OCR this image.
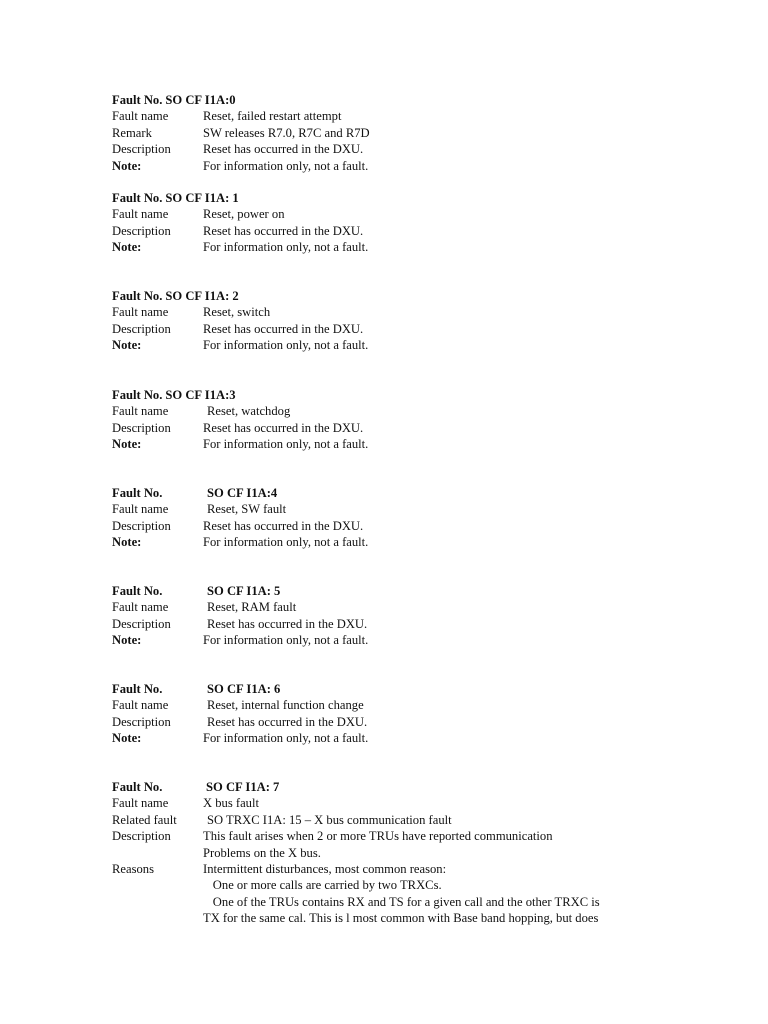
Fault No. SO CF I1A:0
Fault name	Reset, failed restart attempt
Remark	SW releases R7.0, R7C and R7D
Description	Reset has occurred in the DXU.
Note:	For information only, not a fault.
Fault No. SO CF I1A: 1
Fault name	Reset, power on
Description	Reset has occurred in the DXU.
Note:	For information only, not a fault.
Fault No. SO CF I1A: 2
Fault name	Reset, switch
Description	Reset has occurred in the DXU.
Note:	For information only, not a fault.
Fault No. SO CF I1A:3
Fault name	Reset, watchdog
Description	Reset has occurred in the DXU.
Note:	For information only, not a fault.
Fault No.	SO CF I1A:4
Fault name	Reset, SW fault
Description	Reset has occurred in the DXU.
Note:	For information only, not a fault.
Fault No.	SO CF I1A: 5
Fault name	Reset, RAM fault
Description	Reset has occurred in the DXU.
Note:	For information only, not a fault.
Fault No.	SO CF I1A: 6
Fault name	Reset, internal function change
Description	Reset has occurred in the DXU.
Note:	For information only, not a fault.
Fault No.	SO CF I1A: 7
Fault name	X bus fault
Related fault	SO TRXC I1A: 15 – X bus communication fault
Description	This fault arises when 2 or more TRUs have reported communication
Problems on the X bus.
Reasons	Intermittent disturbances, most common reason:
One or more calls are carried by two TRXCs.
One of the TRUs contains RX and TS for a given call and the other TRXC is
TX for the same cal. This is l most common with Base band hopping, but does
